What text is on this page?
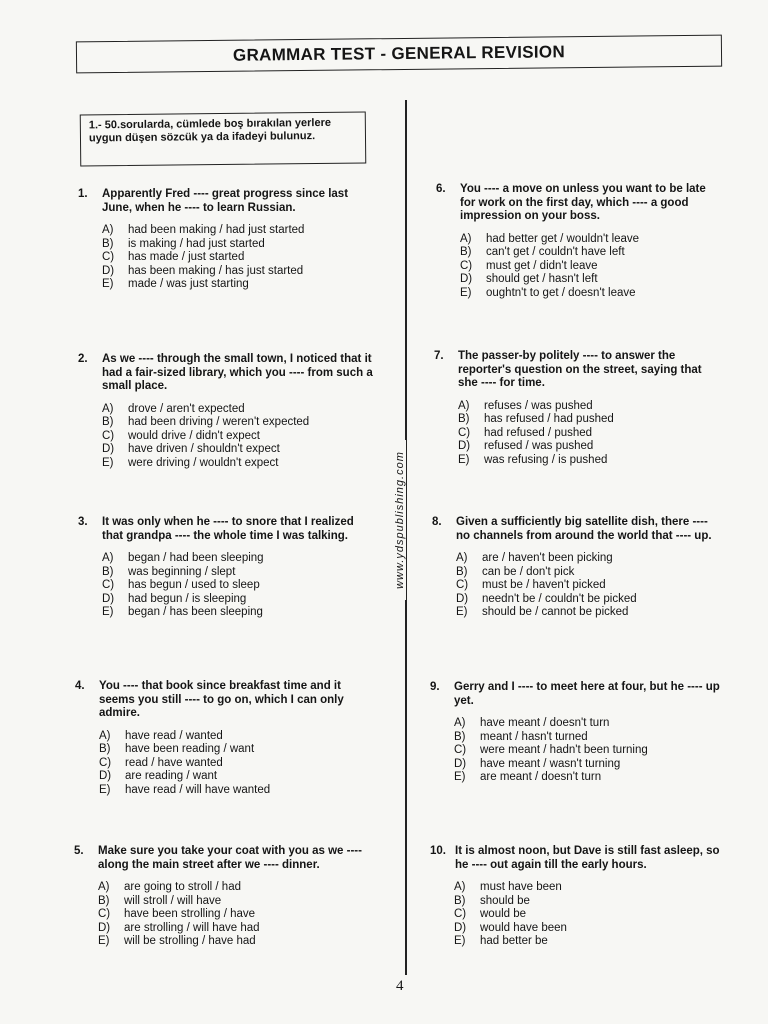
GRAMMAR TEST - GENERAL REVISION
1.- 50.sorularda, cümlede boş bırakılan yerlere uygun düşen sözcük ya da ifadeyi bulunuz.
www.ydspublishing.com
1.	Apparently Fred ---- great progress since last June, when he ---- to learn Russian.
A)	had been making / had just started
B)	is making / had just started
C)	has made / just started
D)	has been making / has just started
E)	made / was just starting
2.	As we ---- through the small town, I noticed that it had a fair-sized library, which you ---- from such a small place.
A)	drove / aren't expected
B)	had been driving / weren't expected
C)	would drive / didn't expect
D)	have driven / shouldn't expect
E)	were driving / wouldn't expect
3.	It was only when he ---- to snore that I realized that grandpa ---- the whole time I was talking.
A)	began / had been sleeping
B)	was beginning / slept
C)	has begun / used to sleep
D)	had begun / is sleeping
E)	began / has been sleeping
4.	You ---- that book since breakfast time and it seems you still ---- to go on, which I can only admire.
A)	have read / wanted
B)	have been reading / want
C)	read / have wanted
D)	are reading / want
E)	have read / will have wanted
5.	Make sure you take your coat with you as we ---- along the main street after we ---- dinner.
A)	are going to stroll / had
B)	will stroll / will have
C)	have been strolling / have
D)	are strolling / will have had
E)	will be strolling / have had
6.	You ---- a move on unless you want to be late for work on the first day, which ---- a good impression on your boss.
A)	had better get / wouldn't leave
B)	can't get / couldn't have left
C)	must get / didn't leave
D)	should get / hasn't left
E)	oughtn't to get / doesn't leave
7.	The passer-by politely ---- to answer the reporter's question on the street, saying that she ---- for time.
A)	refuses / was pushed
B)	has refused / had pushed
C)	had refused / pushed
D)	refused / was pushed
E)	was refusing / is pushed
8.	Given a sufficiently big satellite dish, there ---- no channels from around the world that ---- up.
A)	are / haven't been picking
B)	can be / don't pick
C)	must be / haven't picked
D)	needn't be / couldn't be picked
E)	should be / cannot be picked
9.	Gerry and I ---- to meet here at four, but he ---- up yet.
A)	have meant / doesn't turn
B)	meant / hasn't turned
C)	were meant / hadn't been turning
D)	have meant / wasn't turning
E)	are meant / doesn't turn
10. It is almost noon, but Dave is still fast asleep, so he ---- out again till the early hours.
A)	must have been
B)	should be
C)	would be
D)	would have been
E)	had better be
4
